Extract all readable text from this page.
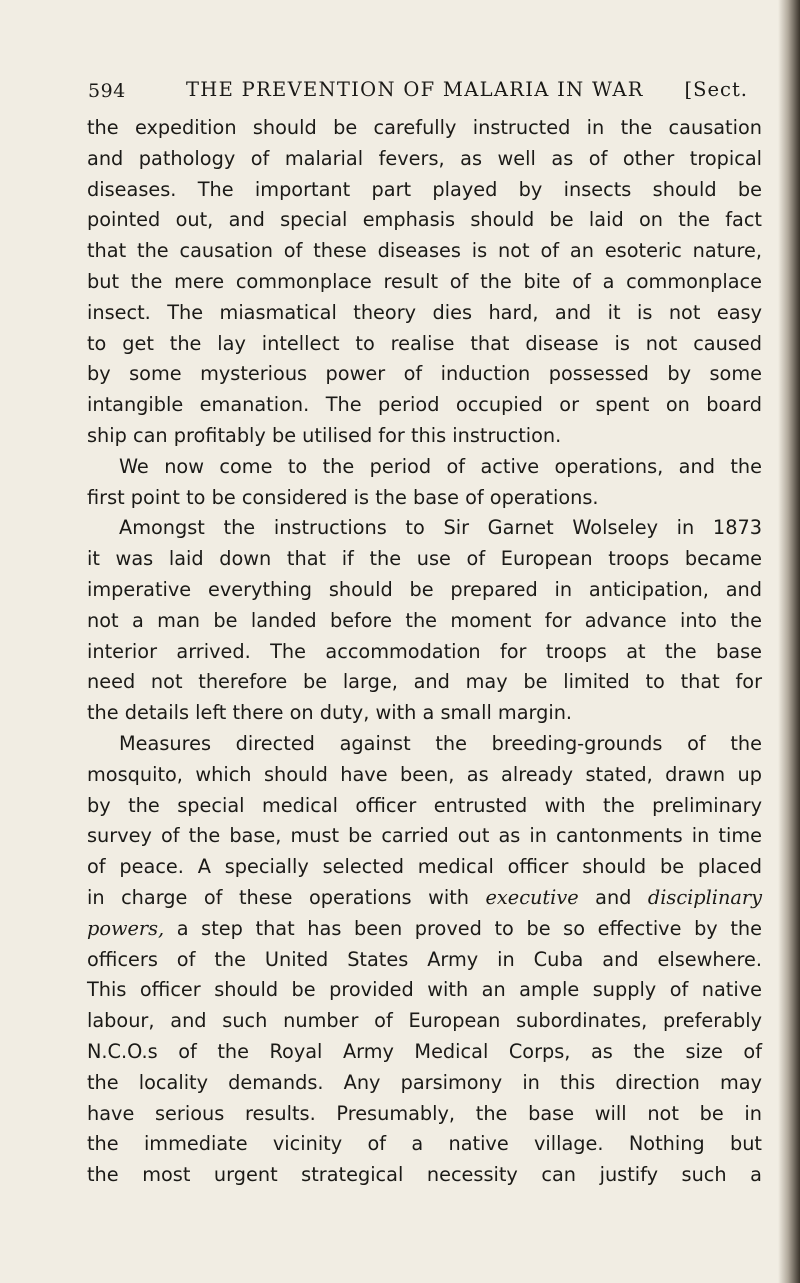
594	THE PREVENTION OF MALARIA IN WAR [Sect.
the expedition should be carefully instructed in the causation
and pathology of malarial fevers, as well as of other tropical
diseases. The important part played by insects should be
pointed out, and special emphasis should be laid on the fact
that the causation of these diseases is not of an esoteric nature,
but the mere commonplace result of the bite of a commonplace
insect. The miasmatical theory dies hard, and it is not easy
to get the lay intellect to realise that disease is not caused
by some mysterious power of induction possessed by some
intangible emanation. The period occupied or spent on board
ship can profitably be utilised for this instruction.
We now come to the period of active operations, and the
first point to be considered is the base of operations.
Amongst the instructions to Sir Garnet Wolseley in 1873
it was laid down that if the use of European troops became
imperative everything should be prepared in anticipation, and
not a man be landed before the moment for advance into the
interior arrived. The accommodation for troops at the base
need not therefore be large, and may be limited to that for
the details left there on duty, with a small margin.
Measures directed against the breeding-grounds of the
mosquito, which should have been, as already stated, drawn up
by the special medical officer entrusted with the preliminary
survey of the base, must be carried out as in cantonments in time
of peace. A specially selected medical officer should be placed
in charge of these operations with executive and disciplinary
powers, a step that has been proved to be so effective by the
officers of the United States Army in Cuba and elsewhere.
This officer should be provided with an ample supply of native
labour, and such number of European subordinates, preferably
N.C.O.s of the Royal Army Medical Corps, as the size of
the locality demands. Any parsimony in this direction may
have serious results. Presumably, the base will not be in
the immediate vicinity of a native village. Nothing but
the most urgent strategical necessity can justify such a
